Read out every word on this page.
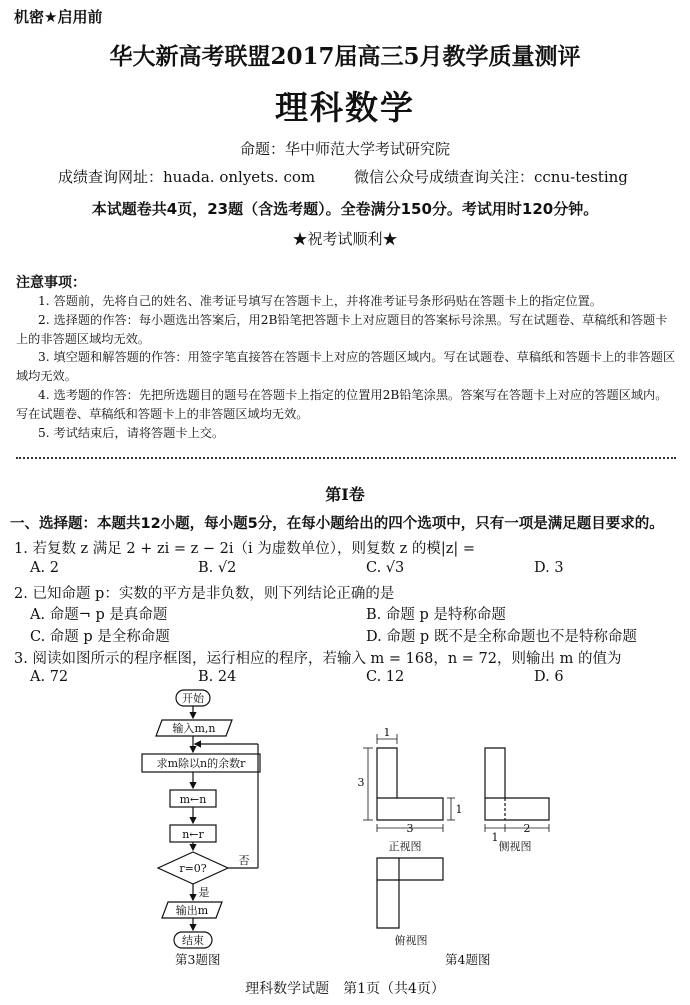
机密★启用前
华大新高考联盟2017届高三5月教学质量测评
理科数学
命题：华中师范大学考试研究院
成绩查询网址：huada. onlyets. com	微信公众号成绩查询关注：ccnu-testing
本试题卷共4页，23题（含选考题）。全卷满分150分。考试用时120分钟。
★祝考试顺利★
注意事项：

1. 答题前，先将自己的姓名、准考证号填写在答题卡上，并将准考证号条形码贴在答题卡上的指定位置。

2. 选择题的作答：每小题选出答案后，用2B铅笔把答题卡上对应题目的答案标号涂黑。写在试题卷、草稿纸和答题卡上的非答题区域均无效。

3. 填空题和解答题的作答：用签字笔直接答在答题卡上对应的答题区域内。写在试题卷、草稿纸和答题卡上的非答题区域均无效。

4. 选考题的作答：先把所选题目的题号在答题卡上指定的位置用2B铅笔涂黑。答案写在答题卡上对应的答题区域内。写在试题卷、草稿纸和答题卡上的非答题区域均无效。

5. 考试结束后，请将答题卡上交。

第Ⅰ卷
一、选择题：本题共12小题，每小题5分，在每小题给出的四个选项中，只有一项是满足题目要求的。
1. 若复数 z 满足 2 + zi = z − 2i（i 为虚数单位），则复数 z 的模|z| =
A. 2	B. √2	C. √3	D. 3
2. 已知命题 p：实数的平方是非负数，则下列结论正确的是
A. 命题¬ p 是真命题	B. 命题 p 是特称命题
C. 命题 p 是全称命题	D. 命题 p 既不是全称命题也不是特称命题
3. 阅读如图所示的程序框图，运行相应的程序，若输入 m = 168，n = 72，则输出 m 的值为
A. 72	B. 24	C. 12	D. 6
开始
输入m,n
求m除以n的余数r
m←n
n←r
r=0?
否
是
输出m
结束
第3题图
1
3
1
3
1
2
正视图	侧视图
俯视图
第4题图
理科数学试题　第1页（共4页）
